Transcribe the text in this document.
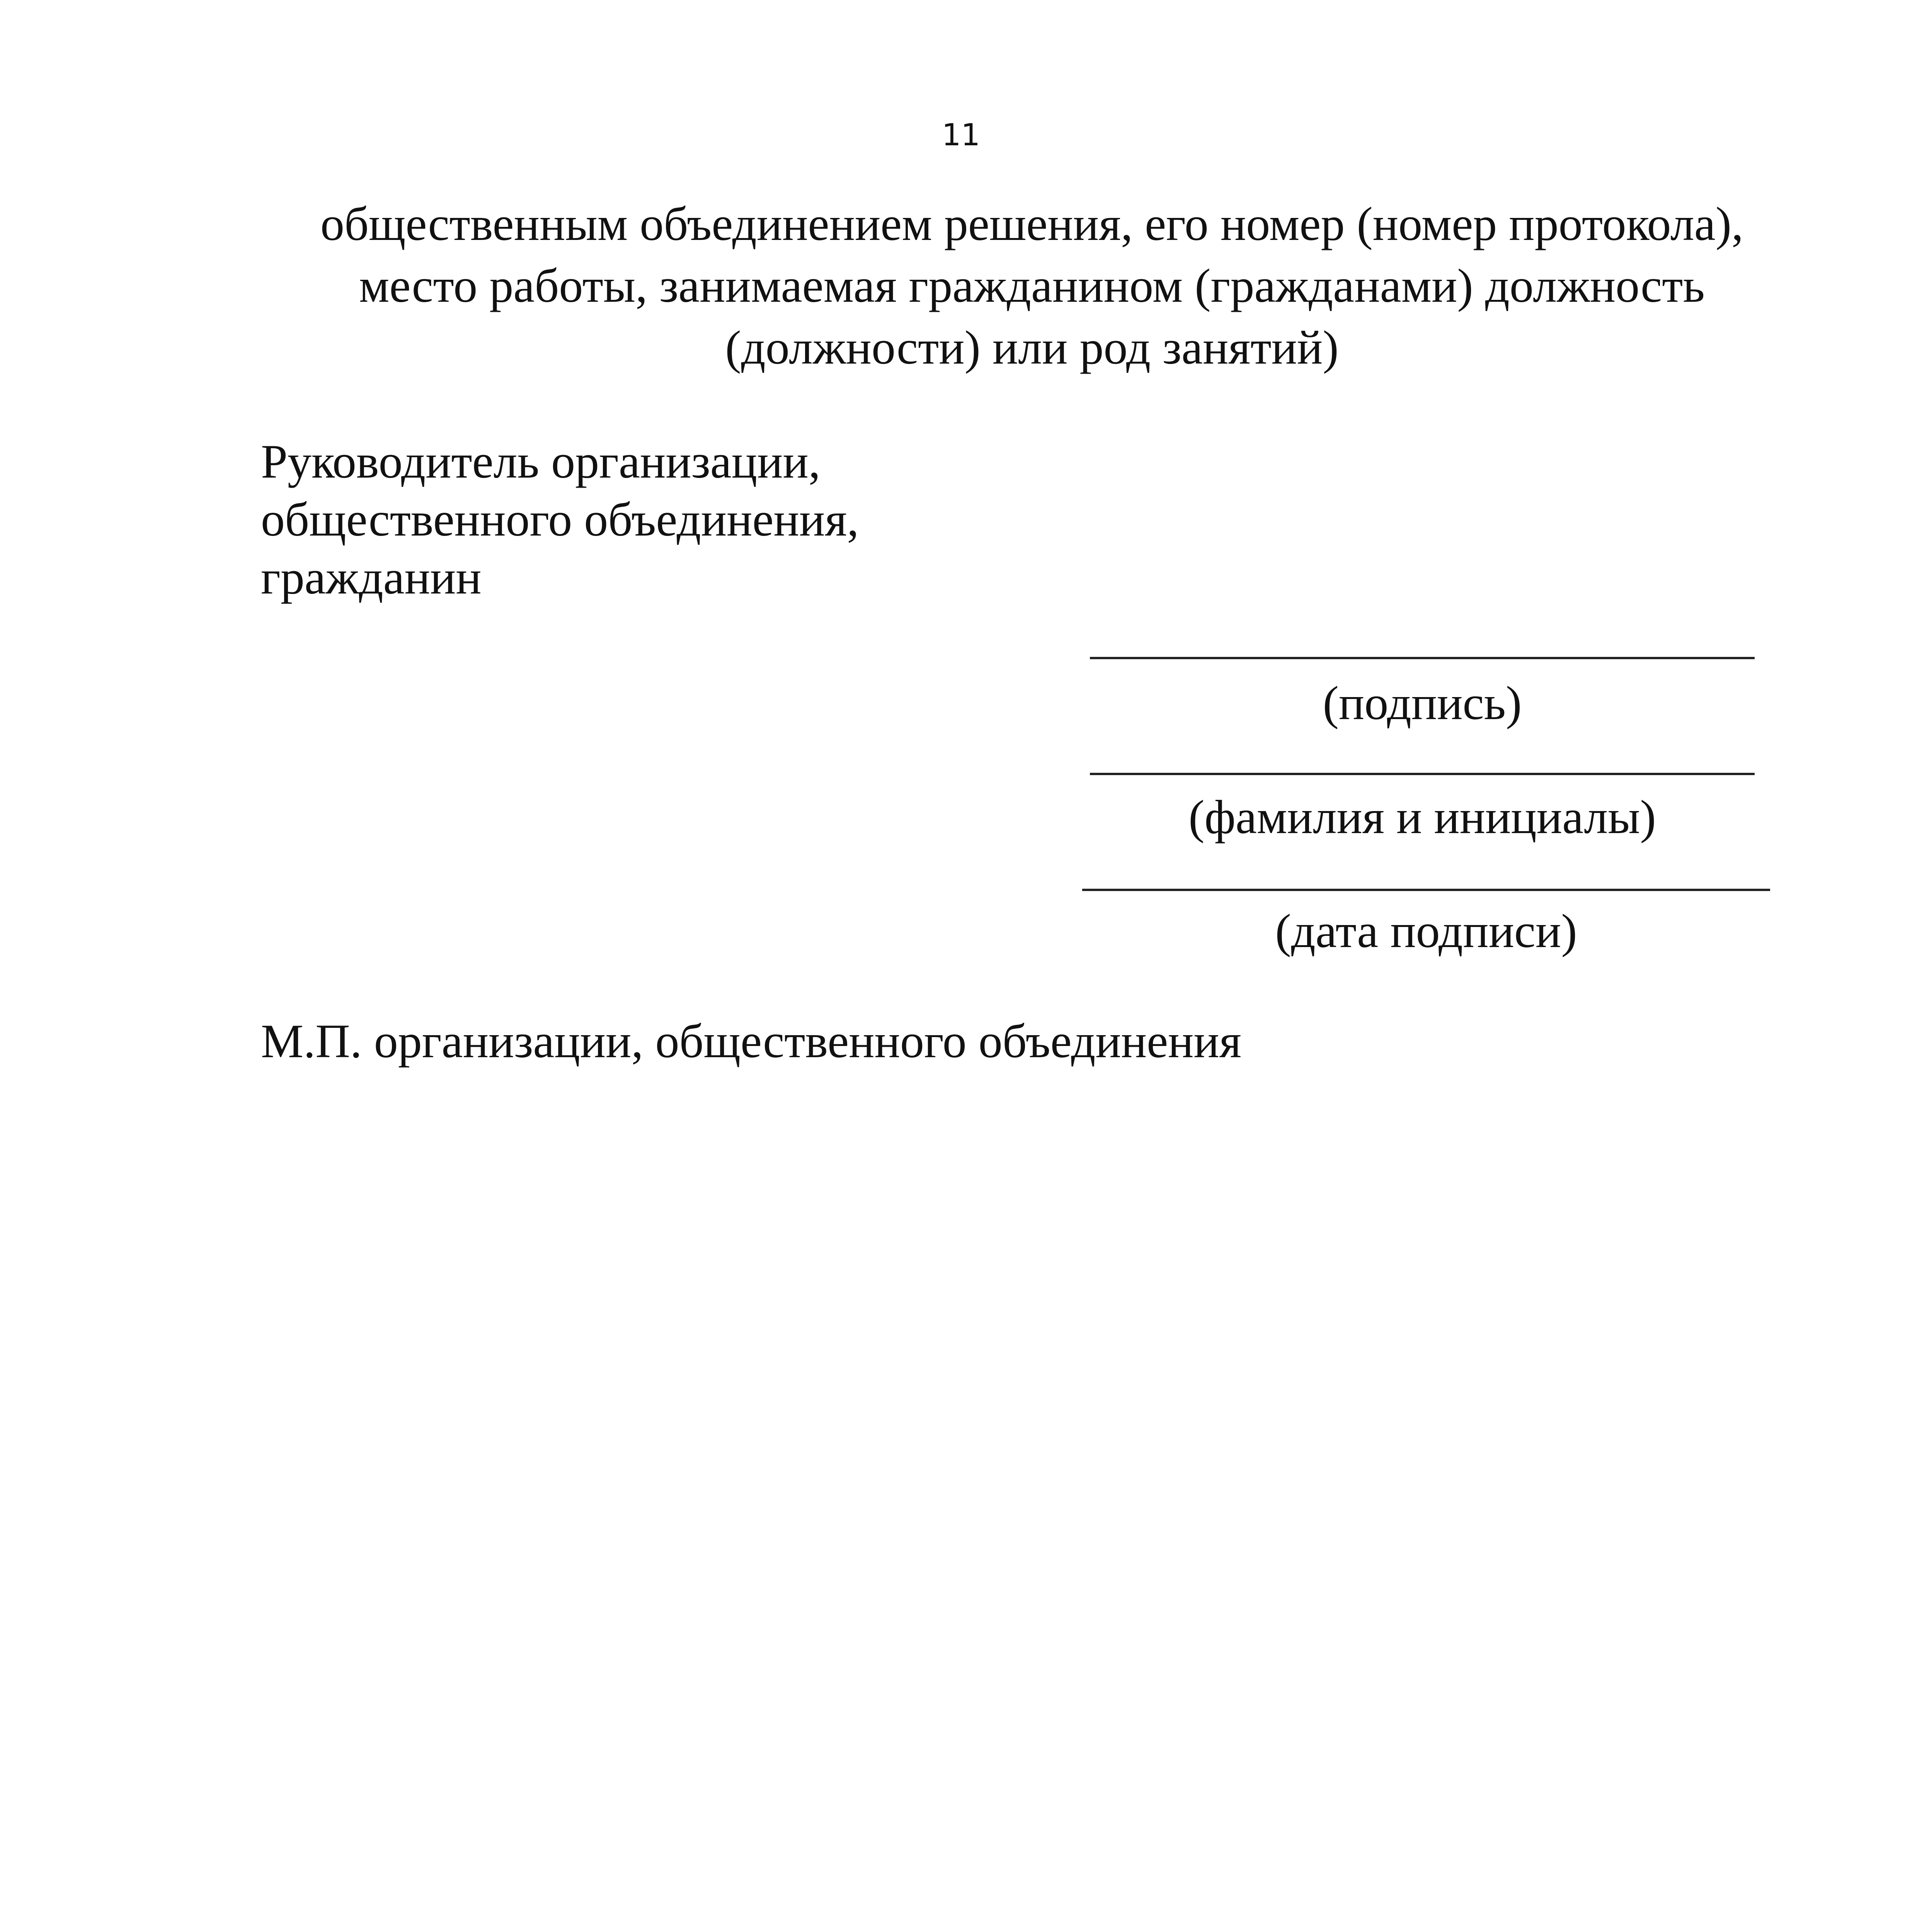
11
общественным объединением решения, его номер (номер протокола),
место работы, занимаемая гражданином (гражданами) должность
(должности) или род занятий)
Руководитель организации,
общественного объединения,
гражданин
(подпись)
(фамилия и инициалы)
(дата подписи)
М.П. организации, общественного объединения
